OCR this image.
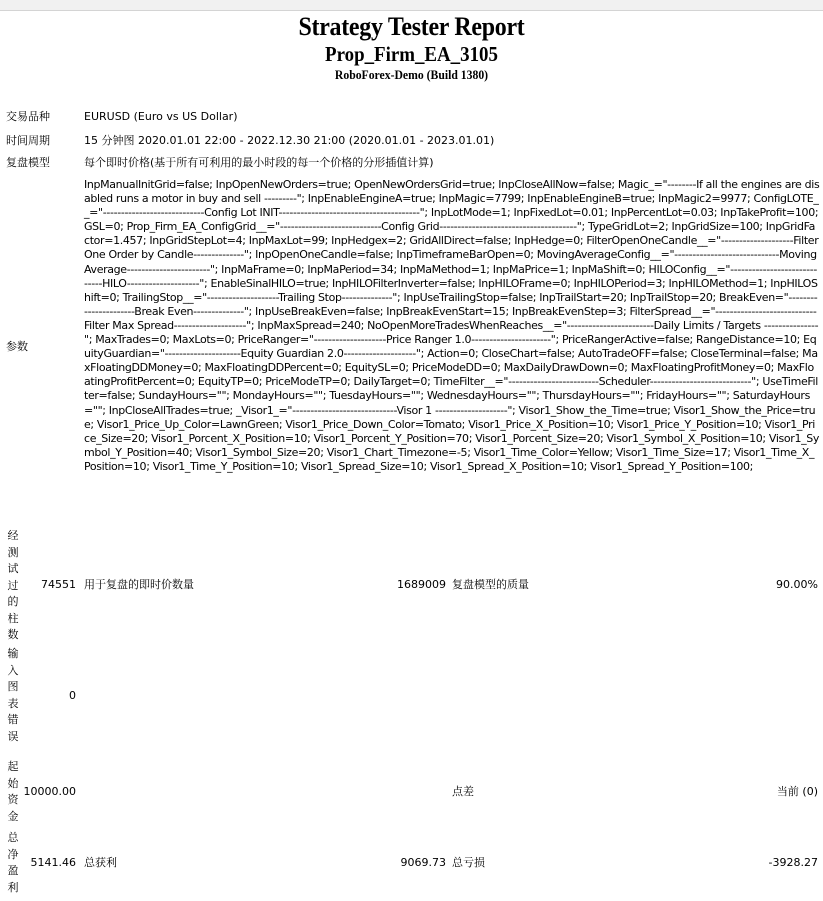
Strategy Tester Report
Prop_Firm_EA_3105
RoboForex-Demo (Build 1380)
交易品种	EURUSD (Euro vs US Dollar)
时间周期	15 分钟图 2020.01.01 22:00 - 2022.12.30 21:00 (2020.01.01 - 2023.01.01)
复盘模型	每个即时价格(基于所有可利用的最小时段的每一个价格的分形插值计算)
参数
InpManualInitGrid=false; InpOpenNewOrders=true; OpenNewOrdersGrid=true; InpCloseAllNow=false; Magic_="--------If all the engines are disabled runs a motor in buy and sell ---------"; InpEnableEngineA=true; InpMagic=7799; InpEnableEngineB=true; InpMagic2=9977; ConfigLOTE__="----------------------------Config Lot INIT---------------------------------------"; InpLotMode=1; InpFixedLot=0.01; InpPercentLot=0.03; InpTakeProfit=100; GSL=0; Prop_Firm_EA_ConfigGrid__="----------------------------Config Grid--------------------------------------"; TypeGridLot=2; InpGridSize=100; InpGridFactor=1.457; InpGridStepLot=4; InpMaxLot=99; InpHedgex=2; GridAllDirect=false; InpHedge=0; FilterOpenOneCandle__="--------------------Filter One Order by Candle--------------"; InpOpenOneCandle=false; InpTimeframeBarOpen=0; MovingAverageConfig__="-----------------------------Moving Average-----------------------"; InpMaFrame=0; InpMaPeriod=34; InpMaMethod=1; InpMaPrice=1; InpMaShift=0; HILOConfig__="-----------------------------HILO--------------------"; EnableSinalHILO=true; InpHILOFilterInverter=false; InpHILOFrame=0; InpHILOPeriod=3; InpHILOMethod=1; InpHILOShift=0; TrailingStop__="--------------------Trailing Stop--------------"; InpUseTrailingStop=false; InpTrailStart=20; InpTrailStop=20; BreakEven="----------------------Break Even--------------"; InpUseBreakEven=false; InpBreakEvenStart=15; InpBreakEvenStep=3; FilterSpread__="----------------------------Filter Max Spread--------------------"; InpMaxSpread=240; NoOpenMoreTradesWhenReaches__="------------------------Daily Limits / Targets ---------------"; MaxTrades=0; MaxLots=0; PriceRanger="--------------------Price Ranger 1.0----------------------"; PriceRangerActive=false; RangeDistance=10; EquityGuardian="---------------------Equity Guardian 2.0--------------------"; Action=0; CloseChart=false; AutoTradeOFF=false; CloseTerminal=false; MaxFloatingDDMoney=0; MaxFloatingDDPercent=0; EquitySL=0; PriceModeDD=0; MaxDailyDrawDown=0; MaxFloatingProfitMoney=0; MaxFloatingProfitPercent=0; EquityTP=0; PriceModeTP=0; DailyTarget=0; TimeFilter__="-------------------------Scheduler----------------------------"; UseTimeFilter=false; SundayHours=""; MondayHours=""; TuesdayHours=""; WednesdayHours=""; ThursdayHours=""; FridayHours=""; SaturdayHours=""; InpCloseAllTrades=true; _Visor1_="-----------------------------Visor 1 --------------------"; Visor1_Show_the_Time=true; Visor1_Show_the_Price=true; Visor1_Price_Up_Color=LawnGreen; Visor1_Price_Down_Color=Tomato; Visor1_Price_X_Position=10; Visor1_Price_Y_Position=10; Visor1_Price_Size=20; Visor1_Porcent_X_Position=10; Visor1_Porcent_Y_Position=70; Visor1_Porcent_Size=20; Visor1_Symbol_X_Position=10; Visor1_Symbol_Y_Position=40; Visor1_Symbol_Size=20; Visor1_Chart_Timezone=-5; Visor1_Time_Color=Yellow; Visor1_Time_Size=17; Visor1_Time_X_Position=10; Visor1_Time_Y_Position=10; Visor1_Spread_Size=10; Visor1_Spread_X_Position=10; Visor1_Spread_Y_Position=100;
经测试过的柱数
74551 用于复盘的即时价数量	1689009 复盘模型的质量	90.00%
输入图表错误
0
起始资金
10000.00	点差	当前 (0)
总净盈利
5141.46 总获利	9069.73 总亏损	-3928.27
